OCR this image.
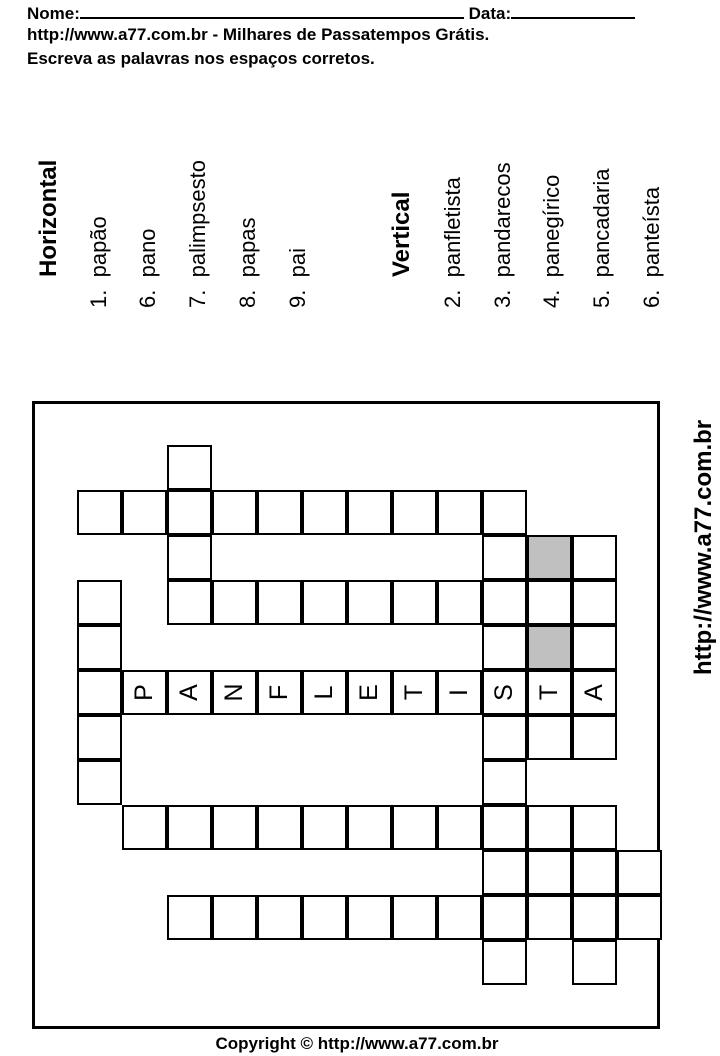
Nome:	Data:
http://www.a77.com.br - Milhares de Passatempos Grátis.
Escreva as palavras nos espaços corretos.
Horizontal
1.  papão
6.  pano
7.  palimpsesto
8.  papas
9.  pai	Vertical
2.  panfletista
3.  pandarecos
4.  panegírico
5.  pancadaria
6.  panteísta
http://www.a77.com.br
P A N F L E T I S T A
Copyright © http://www.a77.com.br
